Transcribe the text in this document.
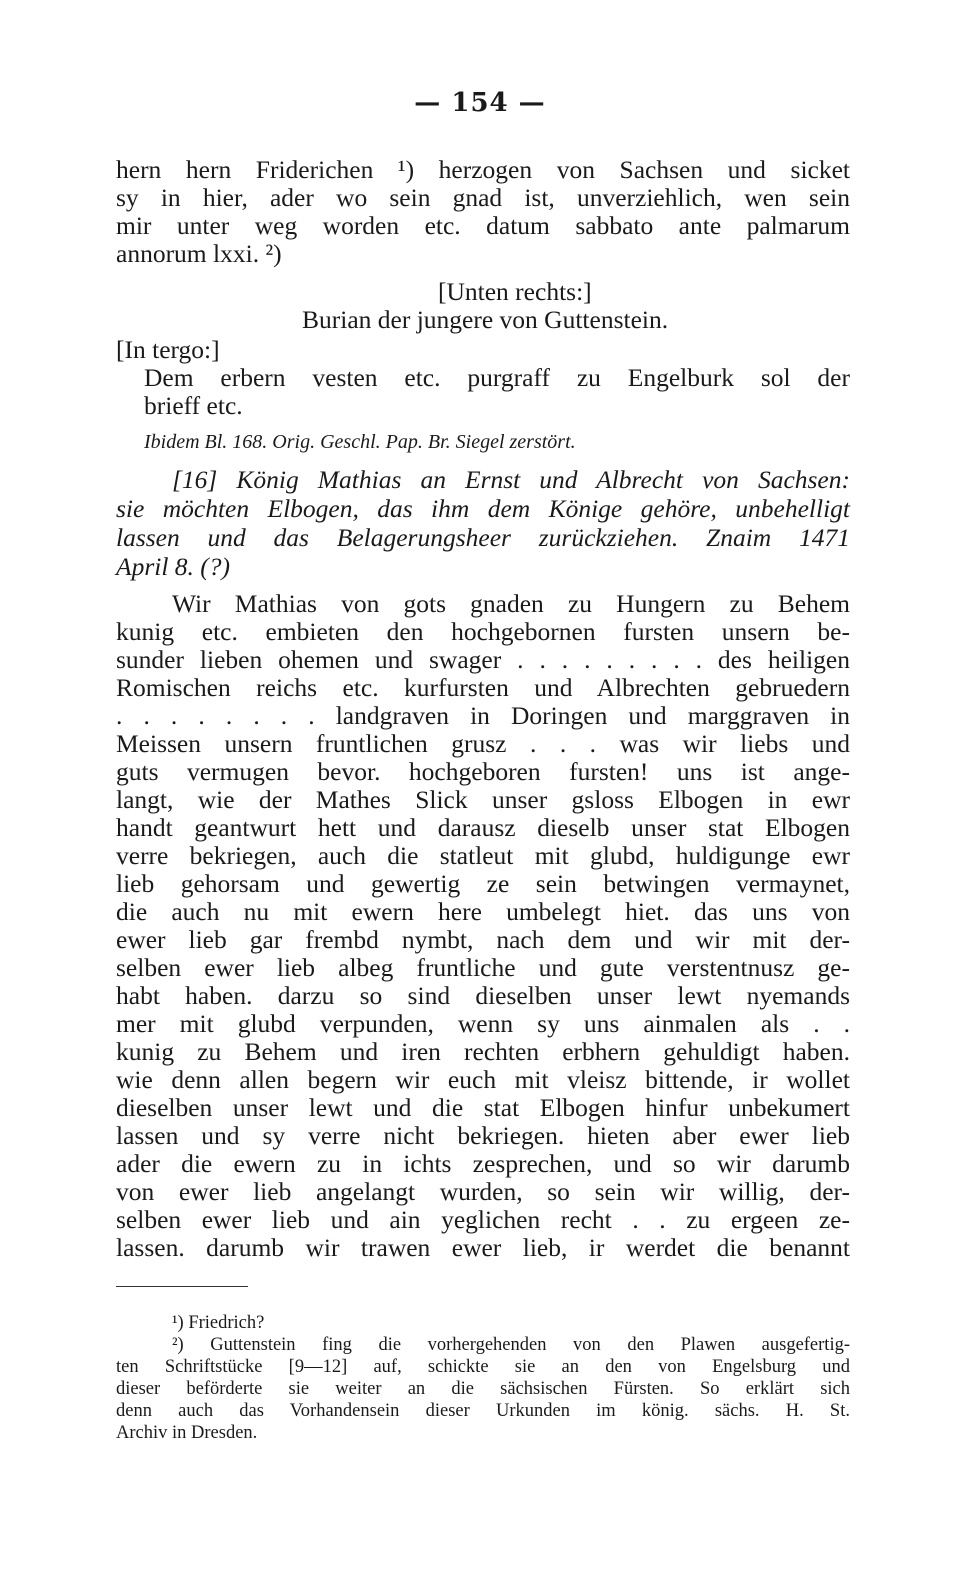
— 154 —
hern hern Friderichen ¹) herzogen von Sachsen und sicket
sy in hier, ader wo sein gnad ist, unverziehlich, wen sein
mir unter weg worden etc. datum sabbato ante palmarum
annorum lxxi. ²)
[Unten rechts:]
Burian der jungere von Guttenstein.
[In tergo:]
Dem erbern vesten etc. purgraff zu Engelburk sol der
brieff etc.
Ibidem Bl. 168. Orig. Geschl. Pap. Br. Siegel zerstört.
[16] König Mathias an Ernst und Albrecht von Sachsen:
sie möchten Elbogen, das ihm dem Könige gehöre, unbehelligt
lassen und das Belagerungsheer zurückziehen. Znaim 1471
April 8. (?)
Wir Mathias von gots gnaden zu Hungern zu Behem
kunig etc. embieten den hochgebornen fursten unsern be-
sunder lieben ohemen und swager . . . . . . . . . des heiligen
Romischen reichs etc. kurfursten und Albrechten gebruedern
. . . . . . . . landgraven in Doringen und marggraven in
Meissen unsern fruntlichen grusz . . . was wir liebs und
guts vermugen bevor. hochgeboren fursten! uns ist ange-
langt, wie der Mathes Slick unser gsloss Elbogen in ewr
handt geantwurt hett und darausz dieselb unser stat Elbogen
verre bekriegen, auch die statleut mit glubd, huldigunge ewr
lieb gehorsam und gewertig ze sein betwingen vermaynet,
die auch nu mit ewern here umbelegt hiet. das uns von
ewer lieb gar frembd nymbt, nach dem und wir mit der-
selben ewer lieb albeg fruntliche und gute verstentnusz ge-
habt haben. darzu so sind dieselben unser lewt nyemands
mer mit glubd verpunden, wenn sy uns ainmalen als . .
kunig zu Behem und iren rechten erbhern gehuldigt haben.
wie denn allen begern wir euch mit vleisz bittende, ir wollet
dieselben unser lewt und die stat Elbogen hinfur unbekumert
lassen und sy verre nicht bekriegen. hieten aber ewer lieb
ader die ewern zu in ichts zesprechen, und so wir darumb
von ewer lieb angelangt wurden, so sein wir willig, der-
selben ewer lieb und ain yeglichen recht . . zu ergeen ze-
lassen. darumb wir trawen ewer lieb, ir werdet die benannt
¹) Friedrich?
²) Guttenstein fing die vorhergehenden von den Plawen ausgefertig-
ten Schriftstücke [9—12] auf, schickte sie an den von Engelsburg und
dieser beförderte sie weiter an die sächsischen Fürsten. So erklärt sich
denn auch das Vorhandensein dieser Urkunden im könig. sächs. H. St.
Archiv in Dresden.
